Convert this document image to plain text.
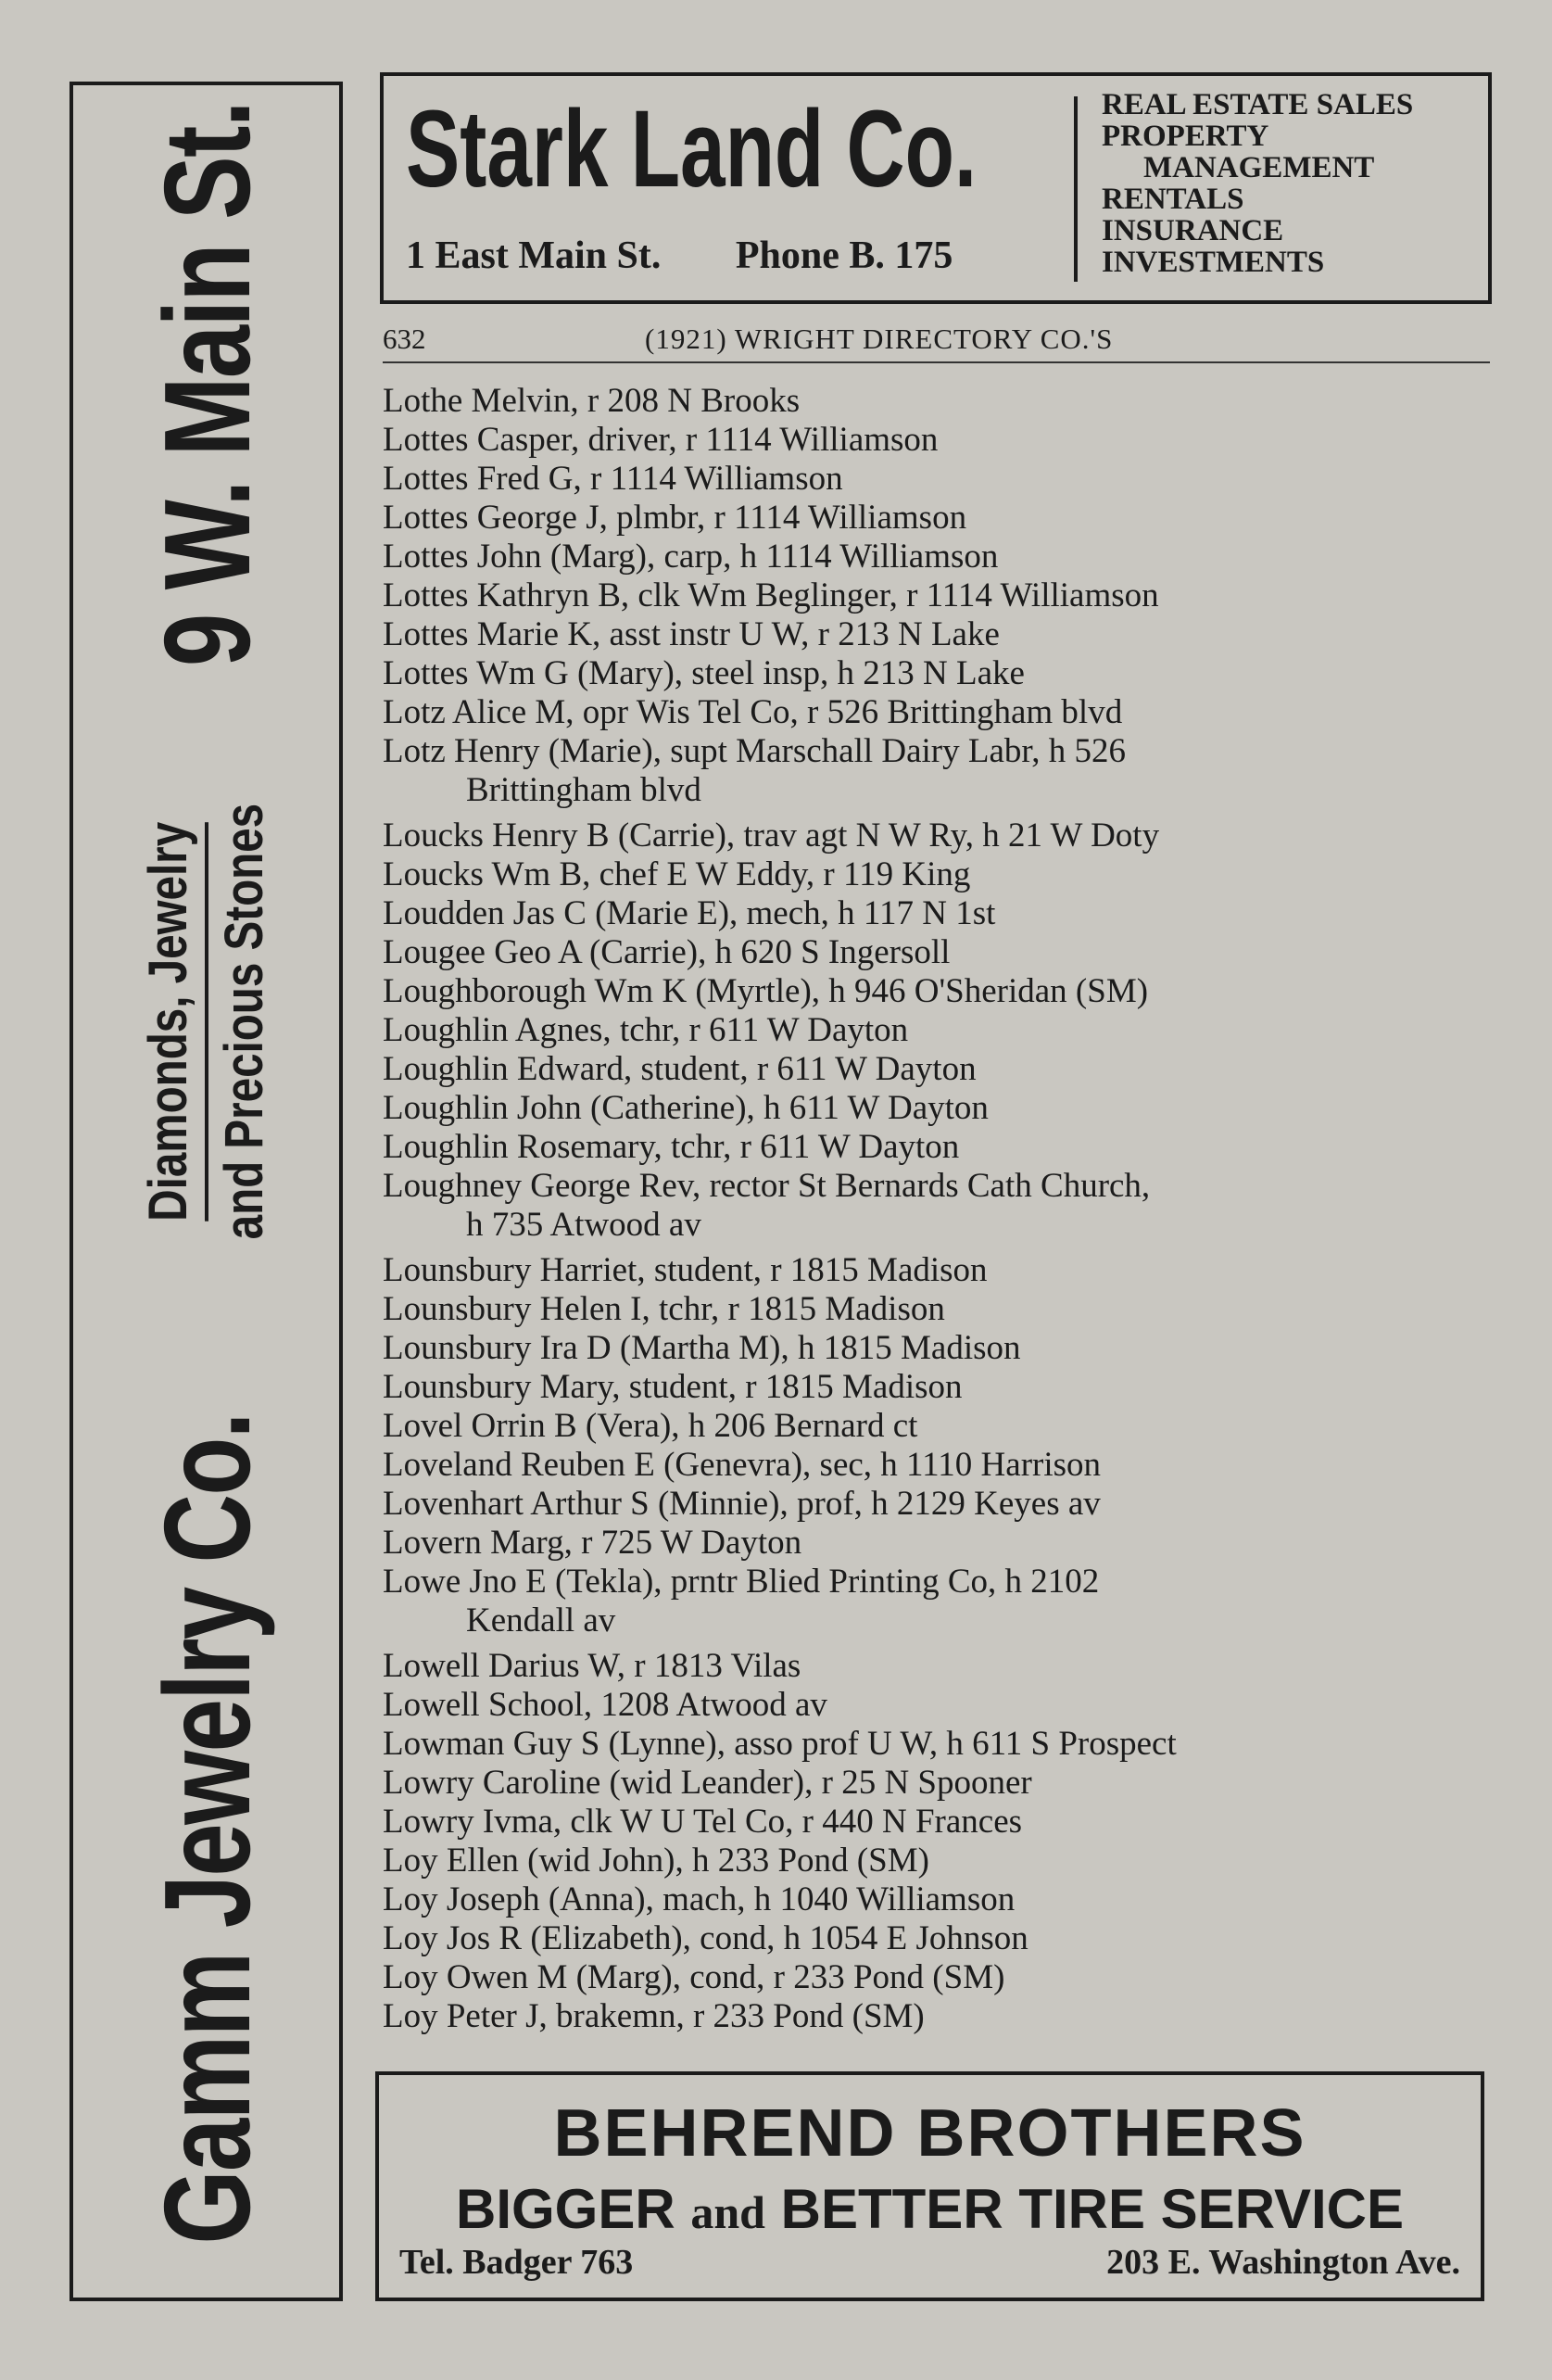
Gamm Jewelry Co.
Diamonds, Jewelry and Precious Stones
9 W. Main St. Stark Land Co.
1 East Main St. Phone B. 175
REAL ESTATE SALES
PROPERTY
MANAGEMENT
RENTALS
INSURANCE
INVESTMENTS
632	(1921) WRIGHT DIRECTORY CO.'S
Lothe Melvin, r 208 N Brooks
Lottes Casper, driver, r 1114 Williamson
Lottes Fred G, r 1114 Williamson
Lottes George J, plmbr, r 1114 Williamson
Lottes John (Marg), carp, h 1114 Williamson
Lottes Kathryn B, clk Wm Beglinger, r 1114 Williamson
Lottes Marie K, asst instr U W, r 213 N Lake
Lottes Wm G (Mary), steel insp, h 213 N Lake
Lotz Alice M, opr Wis Tel Co, r 526 Brittingham blvd
Lotz Henry (Marie), supt Marschall Dairy Labr, h 526
Brittingham blvd
Loucks Henry B (Carrie), trav agt N W Ry, h 21 W Doty
Loucks Wm B, chef E W Eddy, r 119 King
Loudden Jas C (Marie E), mech, h 117 N 1st
Lougee Geo A (Carrie), h 620 S Ingersoll
Loughborough Wm K (Myrtle), h 946 O'Sheridan (SM)
Loughlin Agnes, tchr, r 611 W Dayton
Loughlin Edward, student, r 611 W Dayton
Loughlin John (Catherine), h 611 W Dayton
Loughlin Rosemary, tchr, r 611 W Dayton
Loughney George Rev, rector St Bernards Cath Church,
h 735 Atwood av
Lounsbury Harriet, student, r 1815 Madison
Lounsbury Helen I, tchr, r 1815 Madison
Lounsbury Ira D (Martha M), h 1815 Madison
Lounsbury Mary, student, r 1815 Madison
Lovel Orrin B (Vera), h 206 Bernard ct
Loveland Reuben E (Genevra), sec, h 1110 Harrison
Lovenhart Arthur S (Minnie), prof, h 2129 Keyes av
Lovern Marg, r 725 W Dayton
Lowe Jno E (Tekla), prntr Blied Printing Co, h 2102
Kendall av
Lowell Darius W, r 1813 Vilas
Lowell School, 1208 Atwood av
Lowman Guy S (Lynne), asso prof U W, h 611 S Prospect
Lowry Caroline (wid Leander), r 25 N Spooner
Lowry Ivma, clk W U Tel Co, r 440 N Frances
Loy Ellen (wid John), h 233 Pond (SM)
Loy Joseph (Anna), mach, h 1040 Williamson
Loy Jos R (Elizabeth), cond, h 1054 E Johnson
Loy Owen M (Marg), cond, r 233 Pond (SM)
Loy Peter J, brakemn, r 233 Pond (SM)
BEHREND BROTHERS
BIGGER and BETTER TIRE SERVICE
Tel. Badger 763	203 E. Washington Ave.
